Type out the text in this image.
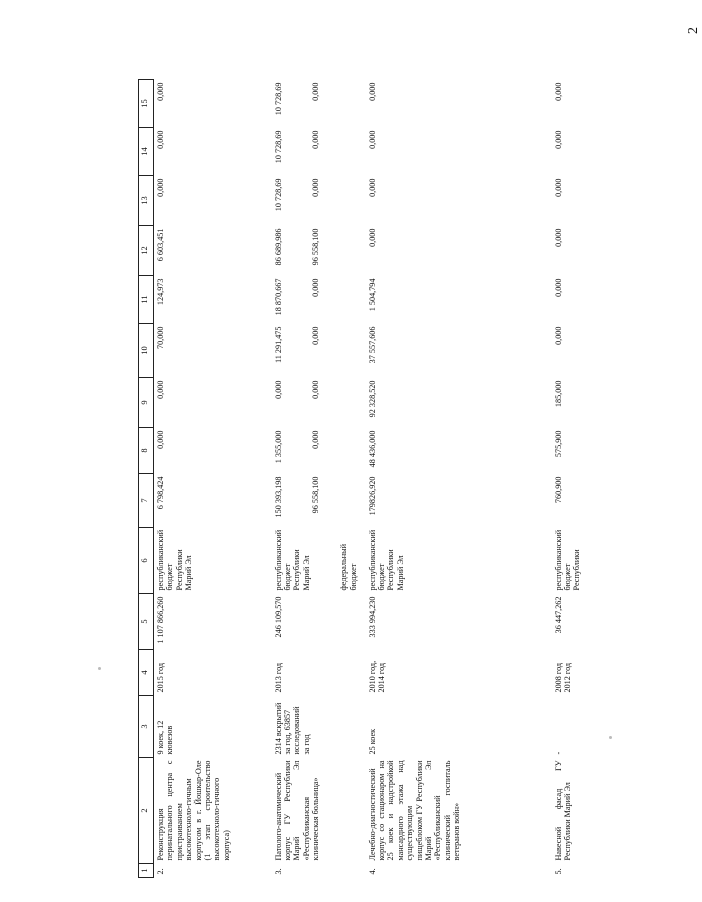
2
1	2	3	4	5	6	7	8	9	10	11	12	13	14	15
2.	Реконструкция перинатального центра с пристраиванием высокотехноло-гичным корпусом в г. Йошкар-Оле (1 этап строительство высокотехноло-гичного корпуса)	9 коек, 12 кювезов	2015 год	1 107 866,260	республиканский бюджет Республики Марий Эл	6 798,424	0,000	0,000	70,000	124,973	6 603,451	0,000	0,000	0,000
3.	Патолого-анатомический корпус ГУ Республики Марий Эл «Республиканская клиническая больница»	2314 вскрытий за год, 63857 исследований за год	2013 год	246 109,570	республиканский бюджет Республики Марий Эл федеральный бюджет	150 393,198 96 558,100	1 355,000 0,000	0,000 0,000	11 291,475 0,000	18 870,667 0,000	86 689,986 96 558,100	10 728,69 0,000	10 728,69 0,000	10 728,69 0,000

4.	Лечебно-диагностический корпус со стационаром на 25 коек и надстройкой мансардного этажа над существующим пищеблоком ГУ Республики Марий Эл «Республиканский клинический госпиталь ветеранов войн»	25 коек	2010 год, 2014 год	333 994,230	республиканский бюджет Республики Марий Эл	179826,920	48 436,000	92 328,520	37 557,606	1 504,794	0,000	0,000	0,000	0,000
5.	Навесной фасад ГУ Республики Марий Эл	-	2008 год 2012 год	36 447,262	республиканский бюджет Республики	760,900	575,900	185,000	0,000	0,000	0,000	0,000	0,000	0,000
